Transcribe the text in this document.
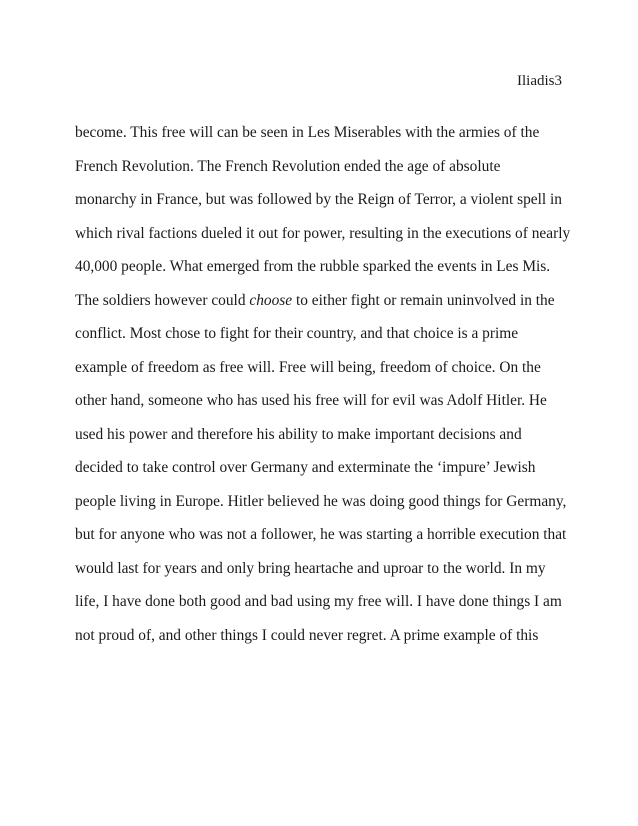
Iliadis3
become. This free will can be seen in Les Miserables with the armies of the
French Revolution. The French Revolution ended the age of absolute
monarchy in France, but was followed by the Reign of Terror, a violent spell in
which rival factions dueled it out for power, resulting in the executions of nearly
40,000 people. What emerged from the rubble sparked the events in Les Mis.
The soldiers however could choose to either fight or remain uninvolved in the
conflict. Most chose to fight for their country, and that choice is a prime
example of freedom as free will. Free will being, freedom of choice. On the
other hand, someone who has used his free will for evil was Adolf Hitler. He
used his power and therefore his ability to make important decisions and
decided to take control over Germany and exterminate the ‘impure’ Jewish
people living in Europe. Hitler believed he was doing good things for Germany,
but for anyone who was not a follower, he was starting a horrible execution that
would last for years and only bring heartache and uproar to the world. In my
life, I have done both good and bad using my free will. I have done things I am
not proud of, and other things I could never regret. A prime example of this
